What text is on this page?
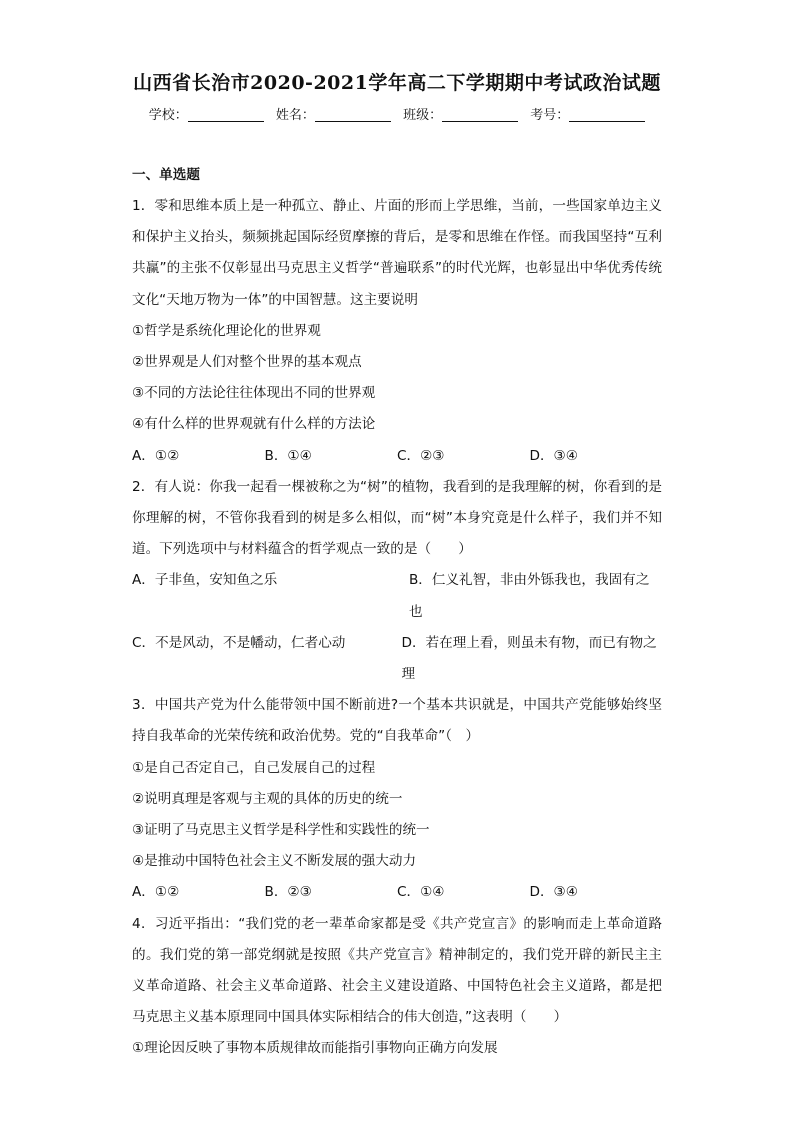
山西省长治市2020-2021学年高二下学期期中考试政治试题
学校：	姓名：	班级：	考号：
一、单选题

1．零和思维本质上是一种孤立、静止、片面的形而上学思维，当前，一些国家单边主义和保护主义抬头，频频挑起国际经贸摩擦的背后，是零和思维在作怪。而我国坚持“互利共赢”的主张不仅彰显出马克思主义哲学“普遍联系”的时代光辉，也彰显出中华优秀传统文化“天地万物为一体”的中国智慧。这主要说明

①哲学是系统化理论化的世界观
②世界观是人们对整个世界的基本观点
③不同的方法论往往体现出不同的世界观
④有什么样的世界观就有什么样的方法论
A．①②	B．①④	C．②③	D．③④

2．有人说：你我一起看一棵被称之为“树”的植物，我看到的是我理解的树，你看到的是你理解的树，不管你我看到的树是多么相似，而“树”本身究竟是什么样子，我们并不知道。下列选项中与材料蕴含的哲学观点一致的是（　　）

A．子非鱼，安知鱼之乐	B．仁义礼智，非由外铄我也，我固有之也
C．不是风动，不是幡动，仁者心动	D．若在理上看，则虽未有物，而已有物之理

3．中国共产党为什么能带领中国不断前进?一个基本共识就是，中国共产党能够始终坚持自我革命的光荣传统和政治优势。党的“自我革命”（　）

①是自己否定自己，自己发展自己的过程
②说明真理是客观与主观的具体的历史的统一
③证明了马克思主义哲学是科学性和实践性的统一
④是推动中国特色社会主义不断发展的强大动力
A．①②	B．②③	C．①④	D．③④

4．习近平指出：“我们党的老一辈革命家都是受《共产党宣言》的影响而走上革命道路的。我们党的第一部党纲就是按照《共产党宣言》精神制定的，我们党开辟的新民主主义革命道路、社会主义革命道路、社会主义建设道路、中国特色社会主义道路，都是把马克思主义基本原理同中国具体实际相结合的伟大创造，”这表明（　　）

①理论因反映了事物本质规律故而能指引事物向正确方向发展
